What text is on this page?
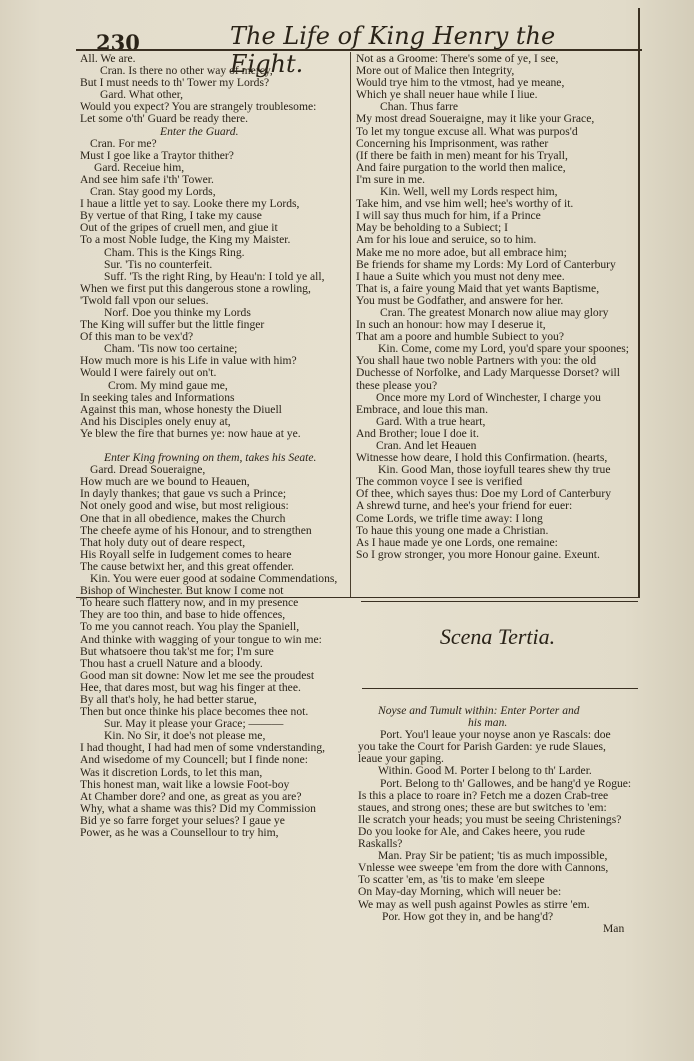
230	The Life of King Henry the Eight.
All. We are.
Cran. Is there no other way of mercy,
But I must needs to th' Tower my Lords?
Gard. What other,
Would you expect? You are strangely troublesome:
Let some o'th' Guard be ready there.
Enter the Guard.
Cran. For me?
Must I goe like a Traytor thither?
Gard. Receiue him,
And see him safe i'th' Tower.
Cran. Stay good my Lords,
I haue a little yet to say. Looke there my Lords,
By vertue of that Ring, I take my cause
Out of the gripes of cruell men, and giue it
To a most Noble Iudge, the King my Maister.
Cham. This is the Kings Ring.
Sur. 'Tis no counterfeit.
Suff. 'Ts the right Ring, by Heau'n: I told ye all,
When we first put this dangerous stone a rowling,
'Twold fall vpon our selues.
Norf. Doe you thinke my Lords
The King will suffer but the little finger
Of this man to be vex'd?
Cham. 'Tis now too certaine;
How much more is his Life in value with him?
Would I were fairely out on't.
Crom. My mind gaue me,
In seeking tales and Informations
Against this man, whose honesty the Diuell
And his Disciples onely enuy at,
Ye blew the fire that burnes ye: now haue at ye.
Enter King frowning on them, takes his Seate.
Gard. Dread Soueraigne,
How much are we bound to Heauen,
In dayly thankes; that gaue vs such a Prince;
Not onely good and wise, but most religious:
One that in all obedience, makes the Church
The cheefe ayme of his Honour, and to strengthen
That holy duty out of deare respect,
His Royall selfe in Iudgement comes to heare
The cause betwixt her, and this great offender.
Kin. You were euer good at sodaine Commendations,
Bishop of Winchester. But know I come not
To heare such flattery now, and in my presence
They are too thin, and base to hide offences,
To me you cannot reach. You play the Spaniell,
And thinke with wagging of your tongue to win me:
But whatsoere thou tak'st me for; I'm sure
Thou hast a cruell Nature and a bloody.
Good man sit downe: Now let me see the proudest
Hee, that dares most, but wag his finger at thee.
By all that's holy, he had better starue,
Then but once thinke his place becomes thee not.
Sur. May it please your Grace; ———
Kin. No Sir, it doe's not please me,
I had thought, I had had men of some vnderstanding,
And wisedome of my Councell; but I finde none:
Was it discretion Lords, to let this man,
This honest man, wait like a lowsie Foot-boy
At Chamber dore? and one, as great as you are?
Why, what a shame was this? Did my Commission
Bid ye so farre forget your selues? I gaue ye
Power, as he was a Counsellour to try him,
Not as a Groome: There's some of ye, I see,
More out of Malice then Integrity,
Would trye him to the vtmost, had ye meane,
Which ye shall neuer haue while I liue.
Chan. Thus farre
My most dread Soueraigne, may it like your Grace,
To let my tongue excuse all. What was purpos'd
Concerning his Imprisonment, was rather
(If there be faith in men) meant for his Tryall,
And faire purgation to the world then malice,
I'm sure in me.
Kin. Well, well my Lords respect him,
Take him, and vse him well; hee's worthy of it.
I will say thus much for him, if a Prince
May be beholding to a Subiect; I
Am for his loue and seruice, so to him.
Make me no more adoe, but all embrace him;
Be friends for shame my Lords: My Lord of Canterbury
I haue a Suite which you must not deny mee.
That is, a faire young Maid that yet wants Baptisme,
You must be Godfather, and answere for her.
Cran. The greatest Monarch now aliue may glory
In such an honour: how may I deserue it,
That am a poore and humble Subiect to you?
Kin. Come, come my Lord, you'd spare your spoones;
You shall haue two noble Partners with you: the old
Duchesse of Norfolke, and Lady Marquesse Dorset? will
these please you?
Once more my Lord of Winchester, I charge you
Embrace, and loue this man.
Gard. With a true heart,
And Brother; loue I doe it.
Cran. And let Heauen
Witnesse how deare, I hold this Confirmation. (hearts,
Kin. Good Man, those ioyfull teares shew thy true
The common voyce I see is verified
Of thee, which sayes thus: Doe my Lord of Canterbury
A shrewd turne, and hee's your friend for euer:
Come Lords, we trifle time away: I long
To haue this young one made a Christian.
As I haue made ye one Lords, one remaine:
So I grow stronger, you more Honour gaine. Exeunt.
Scena Tertia.
Noyse and Tumult within: Enter Porter and
his man.
Port. You'l leaue your noyse anon ye Rascals: doe
you take the Court for Parish Garden: ye rude Slaues,
leaue your gaping.
Within. Good M. Porter I belong to th' Larder.
Port. Belong to th' Gallowes, and be hang'd ye Rogue:
Is this a place to roare in? Fetch me a dozen Crab-tree
staues, and strong ones; these are but switches to 'em:
Ile scratch your heads; you must be seeing Christenings?
Do you looke for Ale, and Cakes heere, you rude
Raskalls?
Man. Pray Sir be patient; 'tis as much impossible,
Vnlesse wee sweepe 'em from the dore with Cannons,
To scatter 'em, as 'tis to make 'em sleepe
On May-day Morning, which will neuer be:
We may as well push against Powles as stirre 'em.
Por. How got they in, and be hang'd?
Man
